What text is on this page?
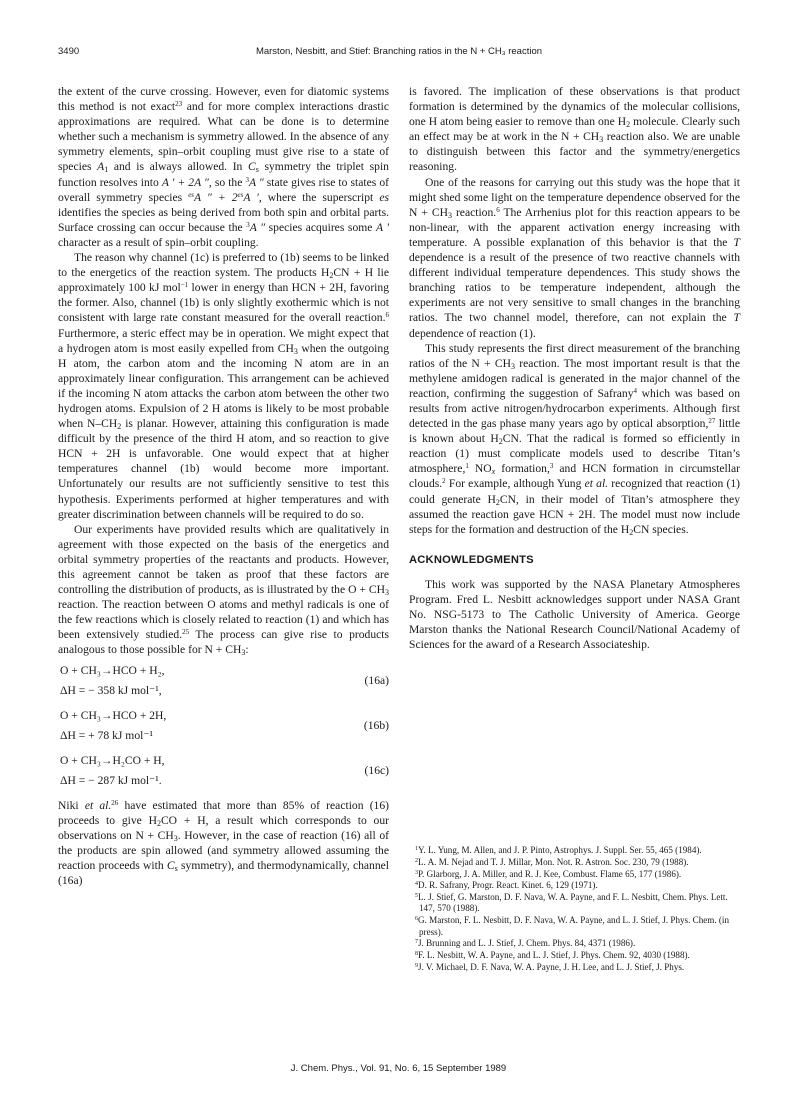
3490	Marston, Nesbitt, and Stief: Branching ratios in the N + CH₃ reaction

the extent of the curve crossing. However, even for diatomic systems this method is not exact$^{23}$ and for more complex interactions drastic approximations are required. What can be done is to determine whether such a mechanism is symmetry allowed. In the absence of any symmetry elements, spin–orbit coupling must give rise to a state of species $A_1$ and is always allowed. In $C_s$ symmetry the triplet spin function resolves into A ′ + 2A ″, so the $^3$A ″ state gives rise to states of overall symmetry species $^{es}$A ″ + $2^{es}A$ ′, where the superscript es identifies the species as being derived from both spin and orbital parts. Surface crossing can occur because the $^3$A ″ species acquires some A ′ character as a result of spin–orbit coupling.

The reason why channel (1c) is preferred to (1b) seems to be linked to the energetics of the reaction system. The products $H_2CN + H$ lie approximately 100 kJ mol$^{-1}$ lower in energy than HCN + 2H, favoring the former. Also, channel (1b) is only slightly exothermic which is not consistent with large rate constant measured for the overall reaction.$^6$ Furthermore, a steric effect may be in operation. We might expect that a hydrogen atom is most easily expelled from $CH_3$ when the outgoing H atom, the carbon atom and the incoming N atom are in an approximately linear configuration. This arrangement can be achieved if the incoming N atom attacks the carbon atom between the other two hydrogen atoms. Expulsion of 2 H atoms is likely to be most probable when $N-CH_2$ is planar. However, attaining this configuration is made difficult by the presence of the third H atom, and so reaction to give HCN + 2H is unfavorable. One would expect that at higher temperatures channel (1b) would become more important. Unfortunately our results are not sufficiently sensitive to test this hypothesis. Experiments performed at higher temperatures and with greater discrimination between channels will be required to do so.

Our experiments have provided results which are qualitatively in agreement with those expected on the basis of the energetics and orbital symmetry properties of the reactants and products. However, this agreement cannot be taken as proof that these factors are controlling the distribution of products, as is illustrated by the $O + CH_3$ reaction. The reaction between O atoms and methyl radicals is one of the few reactions which is closely related to reaction (1) and which has been extensively studied.$^{25}$ The process can give rise to products analogous to those possible for $N + CH_3$:

O + CH₃→HCO + H₂,
ΔH = − 358 kJ mol⁻¹,
(16a)
O + CH₃→HCO + 2H,
ΔH = + 78 kJ mol⁻¹
(16b)
O + CH₃→H₂CO + H,
ΔH = − 287 kJ mol⁻¹.
(16c)

Niki et al.$^{26}$ have estimated that more than 85% of reaction (16) proceeds to give $H_2CO + H$, a result which corresponds to our observations on $N + CH_3$. However, in the case of reaction (16) all of the products are spin allowed (and symmetry allowed assuming the reaction proceeds with $C_s$ symmetry), and thermodynamically, channel (16a)

is favored. The implication of these observations is that product formation is determined by the dynamics of the molecular collisions, one H atom being easier to remove than one $H_2$ molecule. Clearly such an effect may be at work in the $N + CH_3$ reaction also. We are unable to distinguish between this factor and the symmetry/energetics reasoning.

One of the reasons for carrying out this study was the hope that it might shed some light on the temperature dependence observed for the $N + CH_3$ reaction.$^6$ The Arrhenius plot for this reaction appears to be non-linear, with the apparent activation energy increasing with temperature. A possible explanation of this behavior is that the T dependence is a result of the presence of two reactive channels with different individual temperature dependences. This study shows the branching ratios to be temperature independent, although the experiments are not very sensitive to small changes in the branching ratios. The two channel model, therefore, can not explain the T dependence of reaction (1).

This study represents the first direct measurement of the branching ratios of the $N + CH_3$ reaction. The most important result is that the methylene amidogen radical is generated in the major channel of the reaction, confirming the suggestion of Safrany$^4$ which was based on results from active nitrogen/hydrocarbon experiments. Although first detected in the gas phase many years ago by optical absorption,$^{27}$ little is known about $H_2CN$. That the radical is formed so efficiently in reaction (1) must complicate models used to describe Titan’s atmosphere,$^1$ $NO_x$ formation,$^3$ and HCN formation in circumstellar clouds.$^2$ For example, although Yung et al. recognized that reaction (1) could generate $H_2CN$, in their model of Titan’s atmosphere they assumed the reaction gave HCN + 2H. The model must now include steps for the formation and destruction of the $H_2CN$ species.

ACKNOWLEDGMENTS

This work was supported by the NASA Planetary Atmospheres Program. Fred L. Nesbitt acknowledges support under NASA Grant No. NSG-5173 to The Catholic University of America. George Marston thanks the National Research Council/National Academy of Sciences for the award of a Research Associateship.

$^1$Y. L. Yung, M. Allen, and J. P. Pinto, Astrophys. J. Suppl. Ser. 55, 465 (1984).
$^2$L. A. M. Nejad and T. J. Millar, Mon. Not. R. Astron. Soc. 230, 79 (1988).
$^3$P. Glarborg, J. A. Miller, and R. J. Kee, Combust. Flame 65, 177 (1986).
$^4$D. R. Safrany, Progr. React. Kinet. 6, 129 (1971).
$^5$L. J. Stief, G. Marston, D. F. Nava, W. A. Payne, and F. L. Nesbitt, Chem. Phys. Lett. 147, 570 (1988).
$^6$G. Marston, F. L. Nesbitt, D. F. Nava, W. A. Payne, and L. J. Stief, J. Phys. Chem. (in press).
$^7$J. Brunning and L. J. Stief, J. Chem. Phys. 84, 4371 (1986).
$^8$F. L. Nesbitt, W. A. Payne, and L. J. Stief, J. Phys. Chem. 92, 4030 (1988).
$^9$J. V. Michael, D. F. Nava, W. A. Payne, J. H. Lee, and L. J. Stief, J. Phys.
J. Chem. Phys., Vol. 91, No. 6, 15 September 1989
